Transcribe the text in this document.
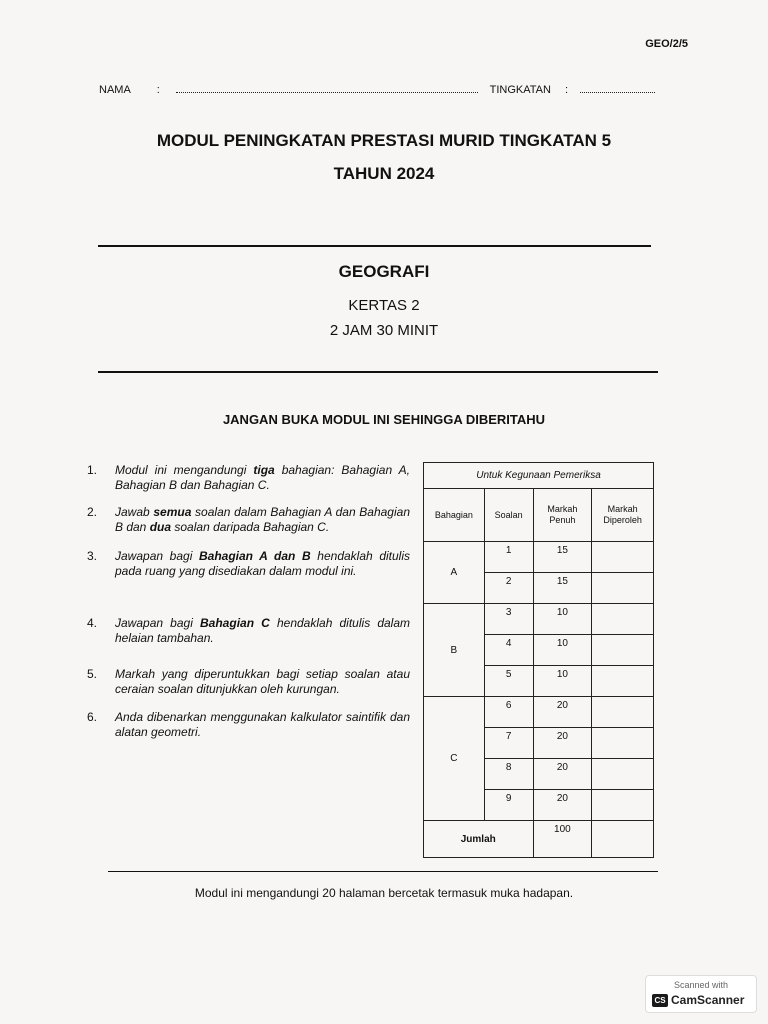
GEO/2/5
NAMA :	TINGKATAN :
MODUL PENINGKATAN PRESTASI MURID TINGKATAN 5
TAHUN 2024
GEOGRAFI
KERTAS 2
2 JAM 30 MINIT
JANGAN BUKA MODUL INI SEHINGGA DIBERITAHU
1.	Modul ini mengandungi tiga bahagian: Bahagian A, Bahagian B dan Bahagian C.
2.	Jawab semua soalan dalam Bahagian A dan Bahagian B dan dua soalan daripada Bahagian C.
3.	Jawapan bagi Bahagian A dan B hendaklah ditulis pada ruang yang disediakan dalam modul ini.
4.	Jawapan bagi Bahagian C hendaklah ditulis dalam helaian tambahan.
5.	Markah yang diperuntukkan bagi setiap soalan atau ceraian soalan ditunjukkan oleh kurungan.
6.	Anda dibenarkan menggunakan kalkulator saintifik dan alatan geometri.
Untuk Kegunaan Pemeriksa			
Bahagian	Soalan	Markah Penuh	Markah Diperoleh
A	1	15	
	2	15	
B	3	10	
	4	10	
	5	10	
C	6	20	
	7	20	
	8	20	
	9	20	
Jumlah		100	
Modul ini mengandungi 20 halaman bercetak termasuk muka hadapan.
Scanned with
CS CamScanner
